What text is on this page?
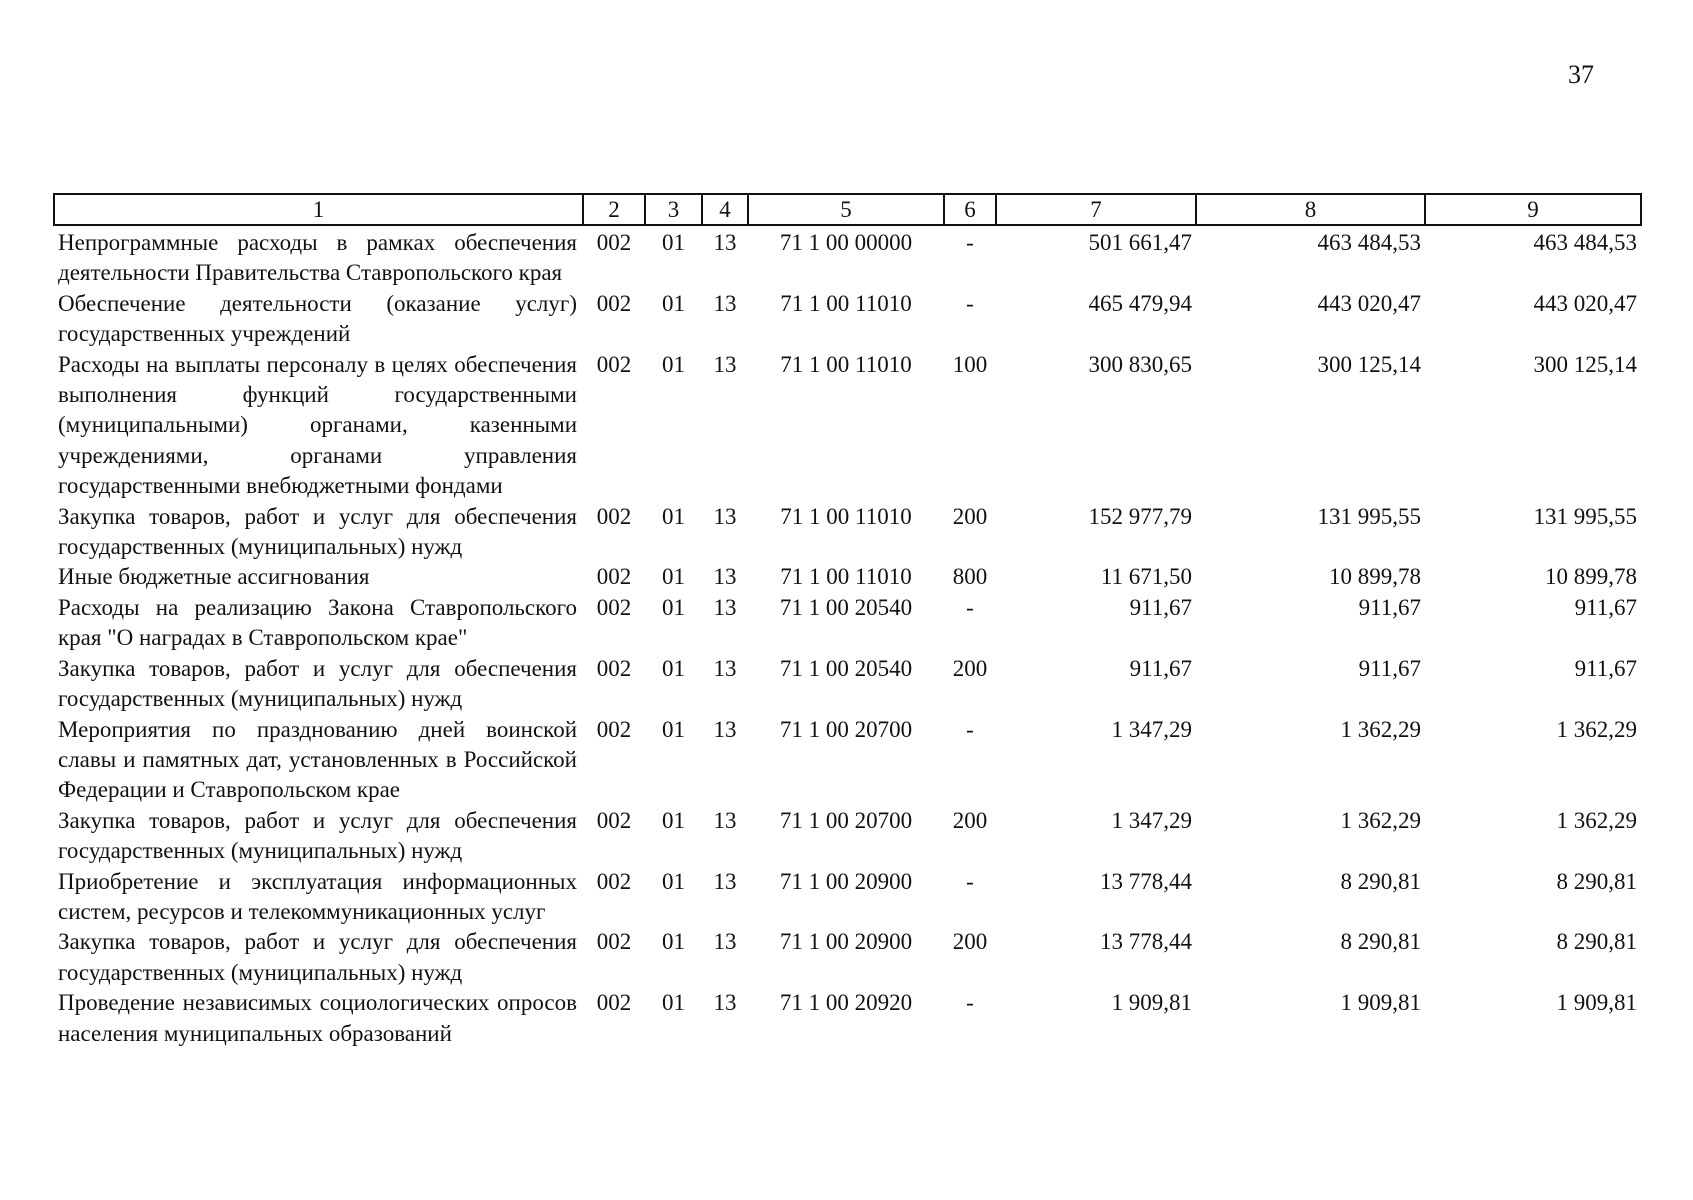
37
1	2	3	4	5	6	7	8	9
Непрограммные расходы в рамках обеспечения деятельности Правительства Ставропольского края	002	01	13	71 1 00 00000	-	501 661,47	463 484,53	463 484,53
Обеспечение деятельности (оказание услуг) государственных учреждений	002	01	13	71 1 00 11010	-	465 479,94	443 020,47	443 020,47
Расходы на выплаты персоналу в целях обеспечения выполнения функций государственными (муниципальными) органами, казенными учреждениями, органами управления государственными внебюджетными фондами	002	01	13	71 1 00 11010	100	300 830,65	300 125,14	300 125,14
Закупка товаров, работ и услуг для обеспечения государственных (муниципальных) нужд	002	01	13	71 1 00 11010	200	152 977,79	131 995,55	131 995,55
Иные бюджетные ассигнования	002	01	13	71 1 00 11010	800	11 671,50	10 899,78	10 899,78
Расходы на реализацию Закона Ставропольского края "О наградах в Ставропольском крае"	002	01	13	71 1 00 20540	-	911,67	911,67	911,67
Закупка товаров, работ и услуг для обеспечения государственных (муниципальных) нужд	002	01	13	71 1 00 20540	200	911,67	911,67	911,67
Мероприятия по празднованию дней воинской славы и памятных дат, установленных в Российской Федерации и Ставропольском крае	002	01	13	71 1 00 20700	-	1 347,29	1 362,29	1 362,29
Закупка товаров, работ и услуг для обеспечения государственных (муниципальных) нужд	002	01	13	71 1 00 20700	200	1 347,29	1 362,29	1 362,29
Приобретение и эксплуатация информационных систем, ресурсов и телекоммуникационных услуг	002	01	13	71 1 00 20900	-	13 778,44	8 290,81	8 290,81
Закупка товаров, работ и услуг для обеспечения государственных (муниципальных) нужд	002	01	13	71 1 00 20900	200	13 778,44	8 290,81	8 290,81
Проведение независимых социологических опросов населения муниципальных образований	002	01	13	71 1 00 20920	-	1 909,81	1 909,81	1 909,81
